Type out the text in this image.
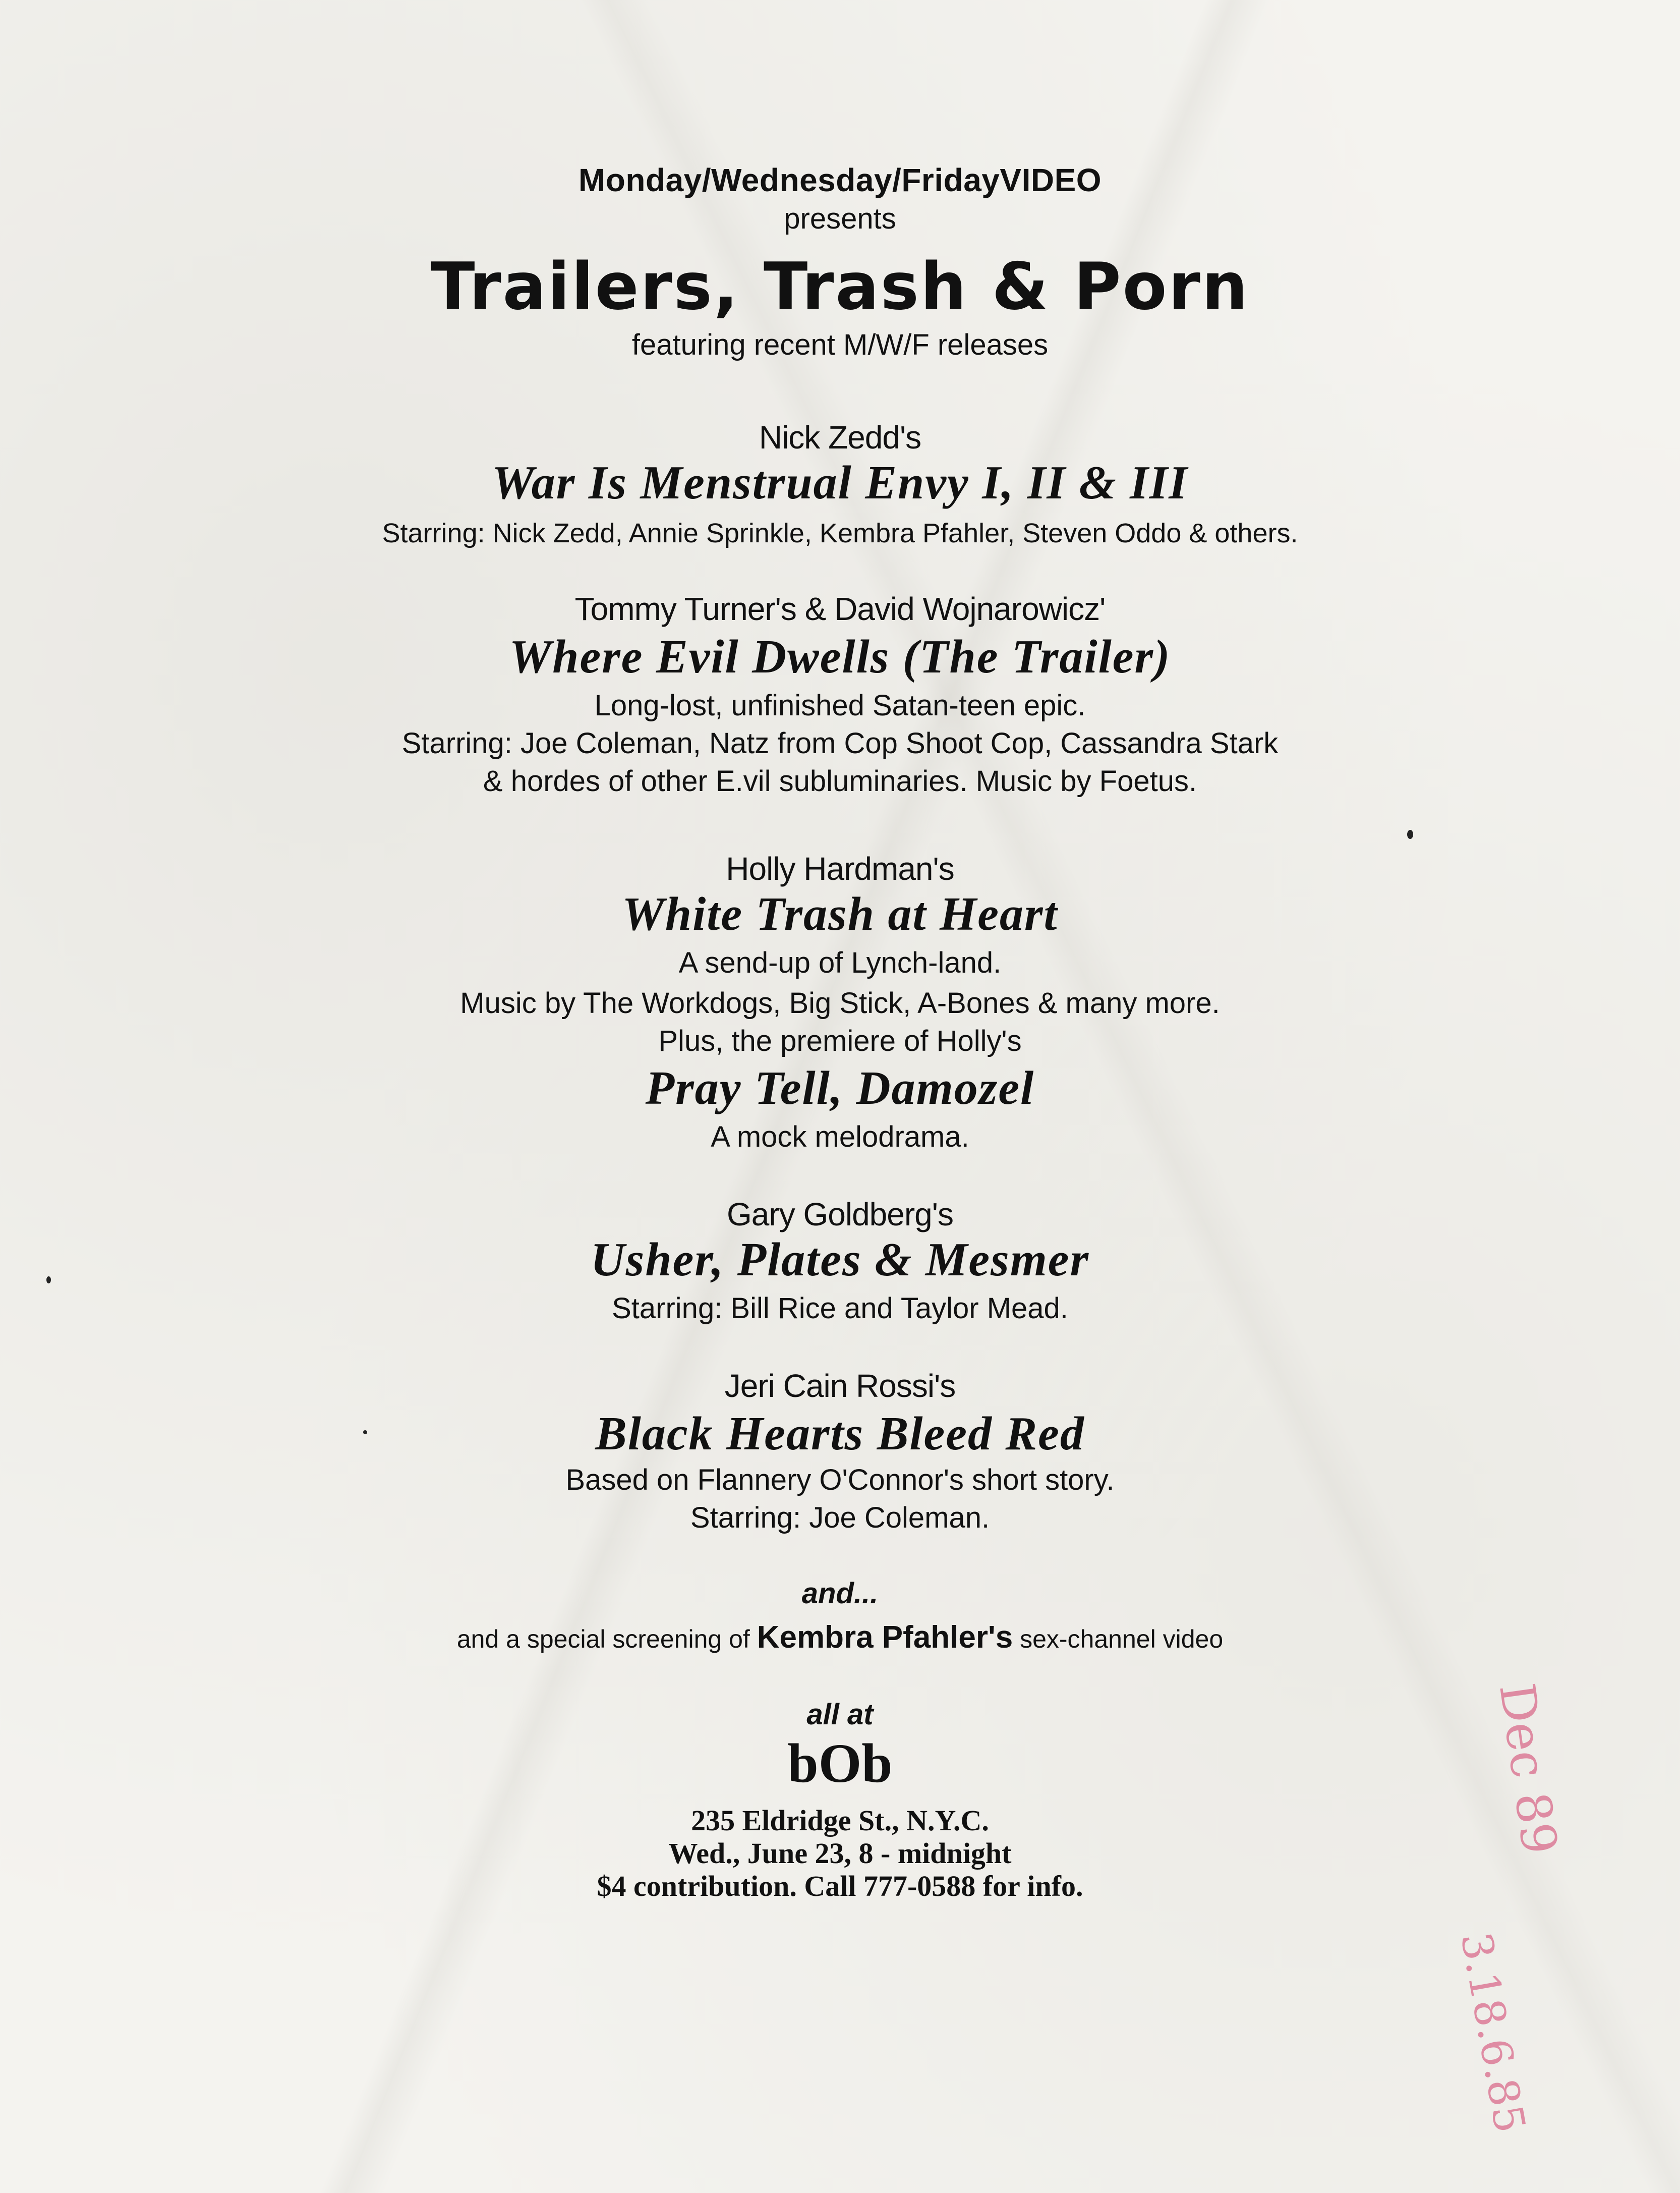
Monday/Wednesday/FridayVIDEO
presents
Trailers, Trash & Porn
featuring recent M/W/F releases
Nick Zedd's
War Is Menstrual Envy I, II & III
Starring: Nick Zedd, Annie Sprinkle, Kembra Pfahler, Steven Oddo & others.
Tommy Turner's & David Wojnarowicz'
Where Evil Dwells (The Trailer)
Long-lost, unfinished Satan-teen epic.
Starring: Joe Coleman, Natz from Cop Shoot Cop, Cassandra Stark
& hordes of other E.vil subluminaries. Music by Foetus.
Holly Hardman's
White Trash at Heart
A send-up of Lynch-land.
Music by The Workdogs, Big Stick, A-Bones & many more.
Plus, the premiere of Holly's
Pray Tell, Damozel
A mock melodrama.
Gary Goldberg's
Usher, Plates & Mesmer
Starring: Bill Rice and Taylor Mead.
Jeri Cain Rossi's
Black Hearts Bleed Red
Based on Flannery O'Connor's short story.
Starring: Joe Coleman.
and...
and a special screening of Kembra Pfahler's sex-channel video
all at
bOb
235 Eldridge St., N.Y.C.
Wed., June 23, 8 - midnight
$4 contribution. Call 777-0588 for info.
Dec 89
3.18.6.85
